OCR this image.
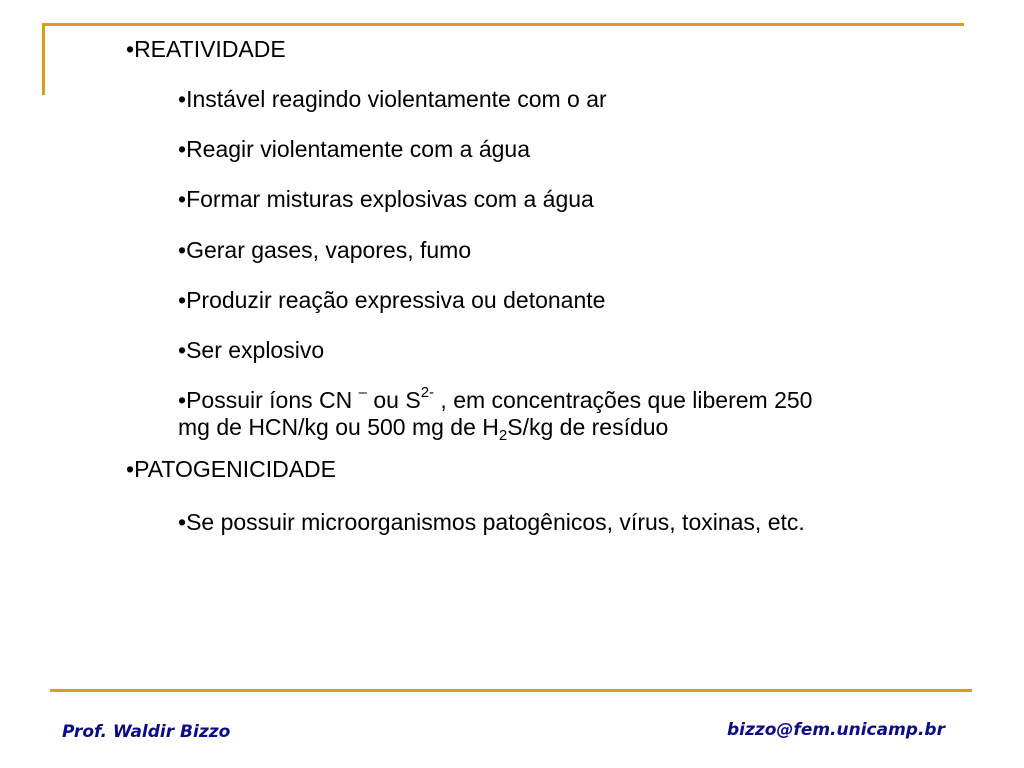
•REATIVIDADE

•Instável reagindo violentamente com o ar

•Reagir violentamente com a água

•Formar misturas explosivas com a água

•Gerar gases, vapores, fumo

•Produzir reação expressiva ou detonante

•Ser explosivo

•Possuir íons CN – ou $S^{2-}$ , em concentrações que liberem 250 mg de HCN/kg ou 500 mg de $H_2S/kg$ de resíduo

•PATOGENICIDADE

•Se possuir microorganismos patogênicos, vírus, toxinas, etc.

Prof. Waldir Bizzo	bizzo@fem.unicamp.br
